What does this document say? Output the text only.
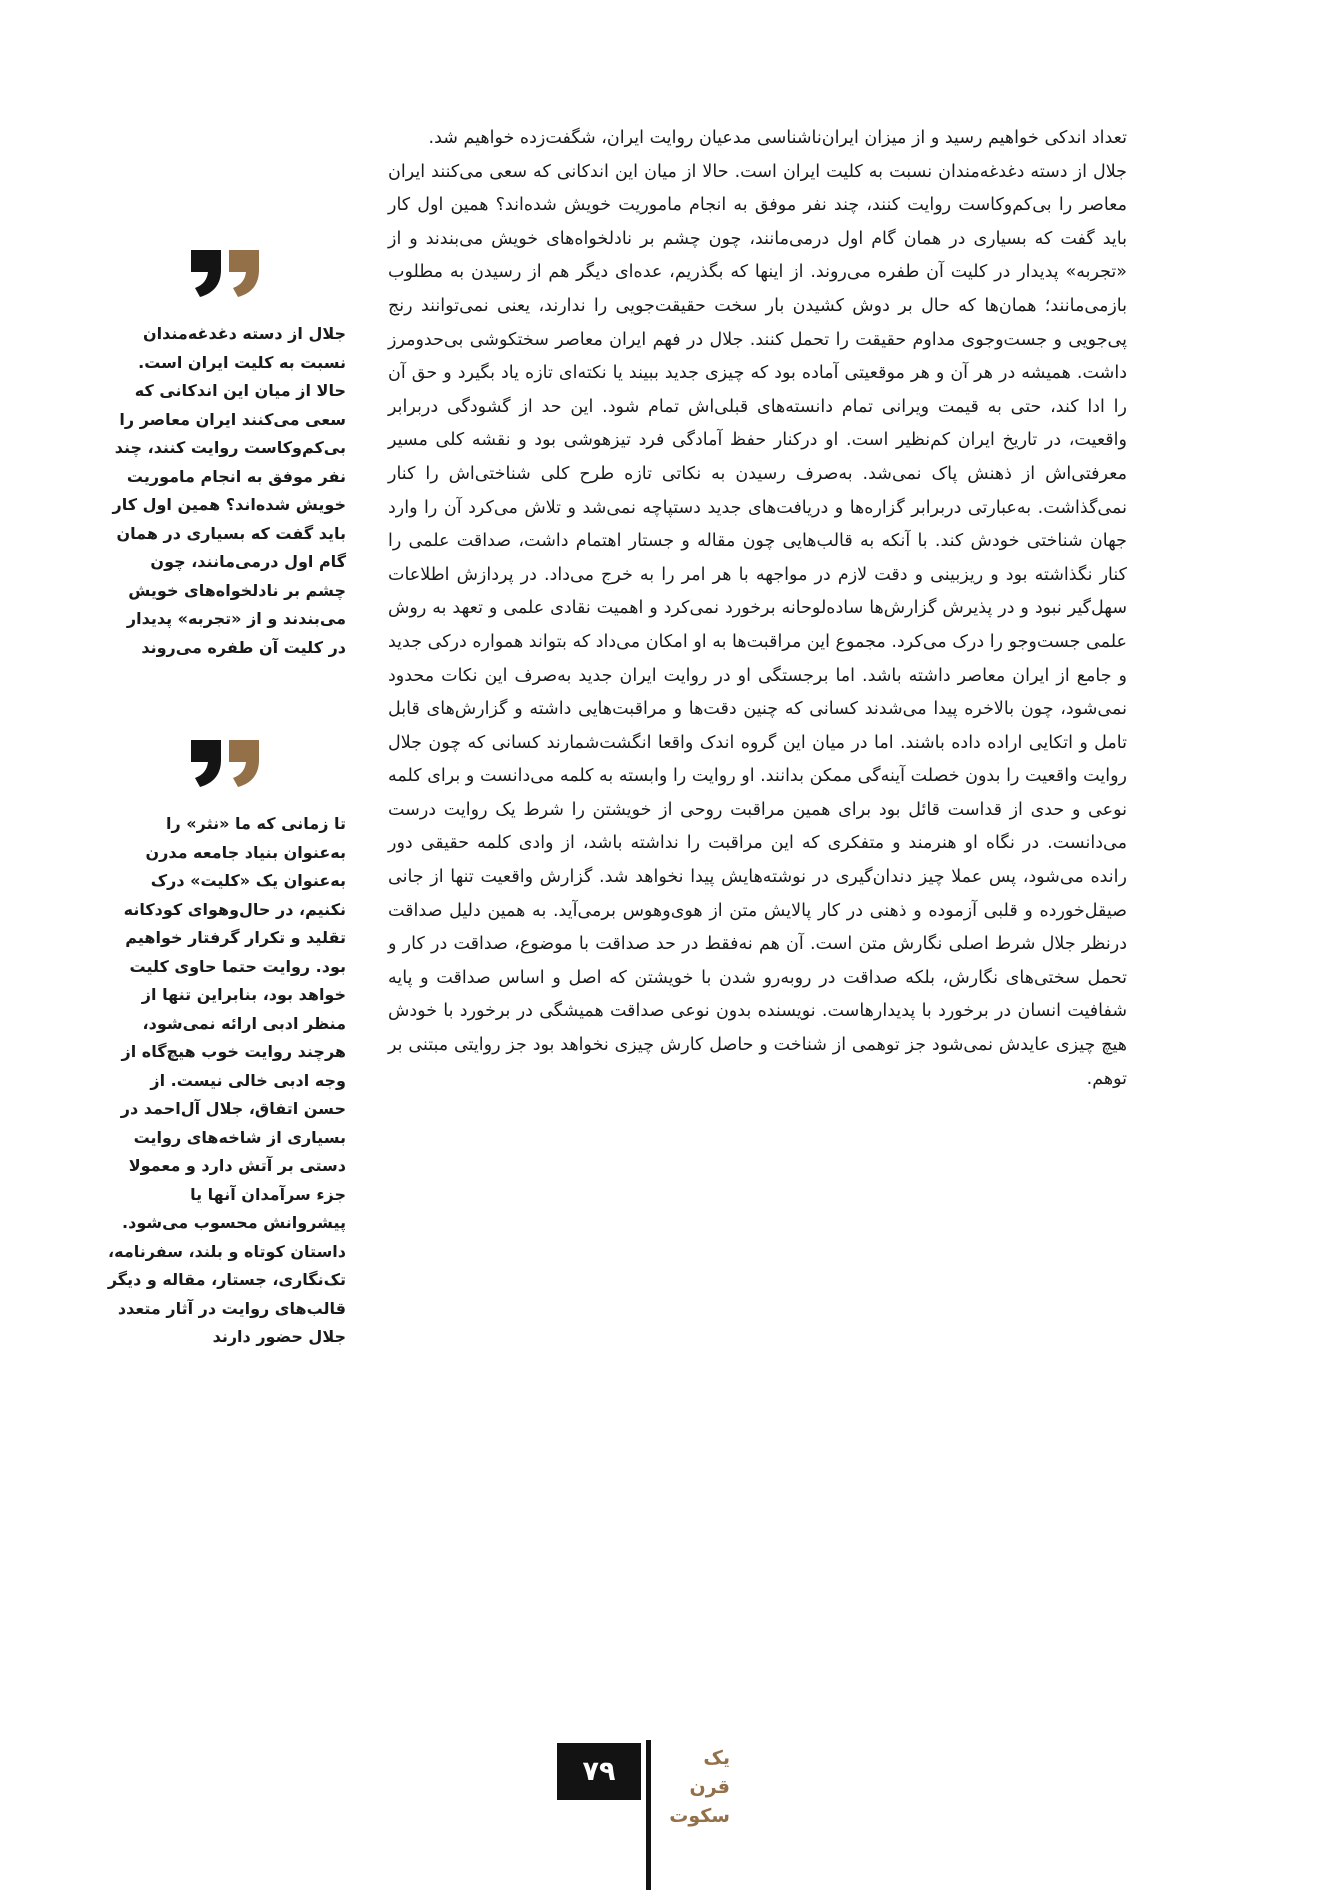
تعداد اندکی خواهیم رسید و از میزان ایران‌ناشناسی مدعیان روایت ایران، شگفت‌زده خواهیم شد.

جلال از دسته دغدغه‌مندان نسبت به کلیت ایران است. حالا از میان این اندکانی که سعی می‌کنند ایران معاصر را بی‌کم‌وکاست روایت کنند، چند نفر موفق به انجام ماموریت خویش شده‌اند؟ همین اول کار باید گفت که بسیاری در همان گام اول درمی‌مانند، چون چشم بر نادلخواه‌های خویش می‌بندند و از «تجربه» پدیدار در کلیت آن طفره می‌روند. از اینها که بگذریم، عده‌ای دیگر هم از رسیدن به مطلوب بازمی‌مانند؛ همان‌ها که حال بر دوش کشیدن بار سخت حقیقت‌جویی را ندارند، یعنی نمی‌توانند رنج پی‌جویی و جست‌وجوی مداوم حقیقت را تحمل کنند. جلال در فهم ایران معاصر سختکوشی بی‌حدومرز داشت. همیشه در هر آن و هر موقعیتی آماده بود که چیزی جدید ببیند یا نکته‌ای تازه یاد بگیرد و حق آن را ادا کند، حتی به قیمت ویرانی تمام دانسته‌های قبلی‌اش تمام شود. این حد از گشودگی دربرابر واقعیت، در تاریخ ایران کم‌نظیر است. او درکنار حفظ آمادگی فرد تیزهوشی بود و نقشه کلی مسیر معرفتی‌اش از ذهنش پاک نمی‌شد. به‌صرف رسیدن به نکاتی تازه طرح کلی شناختی‌اش را کنار نمی‌گذاشت. به‌عبارتی دربرابر گزاره‌ها و دریافت‌های جدید دستپاچه نمی‌شد و تلاش می‌کرد آن را وارد جهان شناختی خودش کند. با آنکه به قالب‌هایی چون مقاله و جستار اهتمام داشت، صداقت علمی را کنار نگذاشته بود و ریزبینی و دقت لازم در مواجهه با هر امر را به خرج می‌داد. در پردازش اطلاعات سهل‌گیر نبود و در پذیرش گزارش‌ها ساده‌لوحانه برخورد نمی‌کرد و اهمیت نقادی علمی و تعهد به روش علمی جست‌وجو را درک می‌کرد. مجموع این مراقبت‌ها به او امکان می‌داد که بتواند همواره درکی جدید و جامع از ایران معاصر داشته باشد. اما برجستگی او در روایت ایران جدید به‌صرف این نکات محدود نمی‌شود، چون بالاخره پیدا می‌شدند کسانی که چنین دقت‌ها و مراقبت‌هایی داشته و گزارش‌های قابل تامل و اتکایی اراده داده باشند. اما در میان این گروه اندک واقعا انگشت‌شمارند کسانی که چون جلال روایت واقعیت را بدون خصلت آینه‌گی ممکن بدانند. او روایت را وابسته به کلمه می‌دانست و برای کلمه نوعی و حدی از قداست قائل بود برای همین مراقبت روحی از خویشتن را شرط یک روایت درست می‌دانست. در نگاه او هنرمند و متفکری که این مراقبت را نداشته باشد، از وادی کلمه حقیقی دور رانده می‌شود، پس عملا چیز دندان‌گیری در نوشته‌هایش پیدا نخواهد شد. گزارش واقعیت تنها از جانی صیقل‌خورده و قلبی آزموده و ذهنی در کار پالایش متن از هوی‌وهوس برمی‌آید. به همین دلیل صداقت درنظر جلال شرط اصلی نگارش متن است. آن هم نه‌فقط در حد صداقت با موضوع، صداقت در کار و تحمل سختی‌های نگارش، بلکه صداقت در روبه‌رو شدن با خویشتن که اصل و اساس صداقت و پایه شفافیت انسان در برخورد با پدیدارهاست. نویسنده بدون نوعی صداقت همیشگی در برخورد با خودش هیچ چیزی عایدش نمی‌شود جز توهمی از شناخت و حاصل کارش چیزی نخواهد بود جز روایتی مبتنی بر توهم.

جلال از دسته دغدغه‌مندان نسبت به کلیت ایران است. حالا از میان این اندکانی که سعی می‌کنند ایران معاصر را بی‌کم‌وکاست روایت کنند، چند نفر موفق به انجام ماموریت خویش شده‌اند؟ همین اول کار باید گفت که بسیاری در همان گام اول درمی‌مانند، چون چشم بر نادلخواه‌های خویش می‌بندند و از «تجربه» پدیدار در کلیت آن طفره می‌روند

تا زمانی که ما «نثر» را به‌عنوان بنیاد جامعه مدرن به‌عنوان یک «کلیت» درک نکنیم، در حال‌وهوای کودکانه تقلید و تکرار گرفتار خواهیم بود. روایت حتما حاوی کلیت خواهد بود، بنابراین تنها از منظر ادبی ارائه نمی‌شود، هرچند روایت خوب هیچ‌گاه از وجه ادبی خالی نیست. از حسن اتفاق، جلال آل‌احمد در بسیاری از شاخه‌های روایت دستی بر آتش دارد و معمولا جزء سرآمدان آنها یا پیشروانش محسوب می‌شود. داستان کوتاه و بلند، سفرنامه، تک‌نگاری، جستار، مقاله و دیگر قالب‌های روایت در آثار متعدد جلال حضور دارند

۷۹	یک قرن
سکوت
